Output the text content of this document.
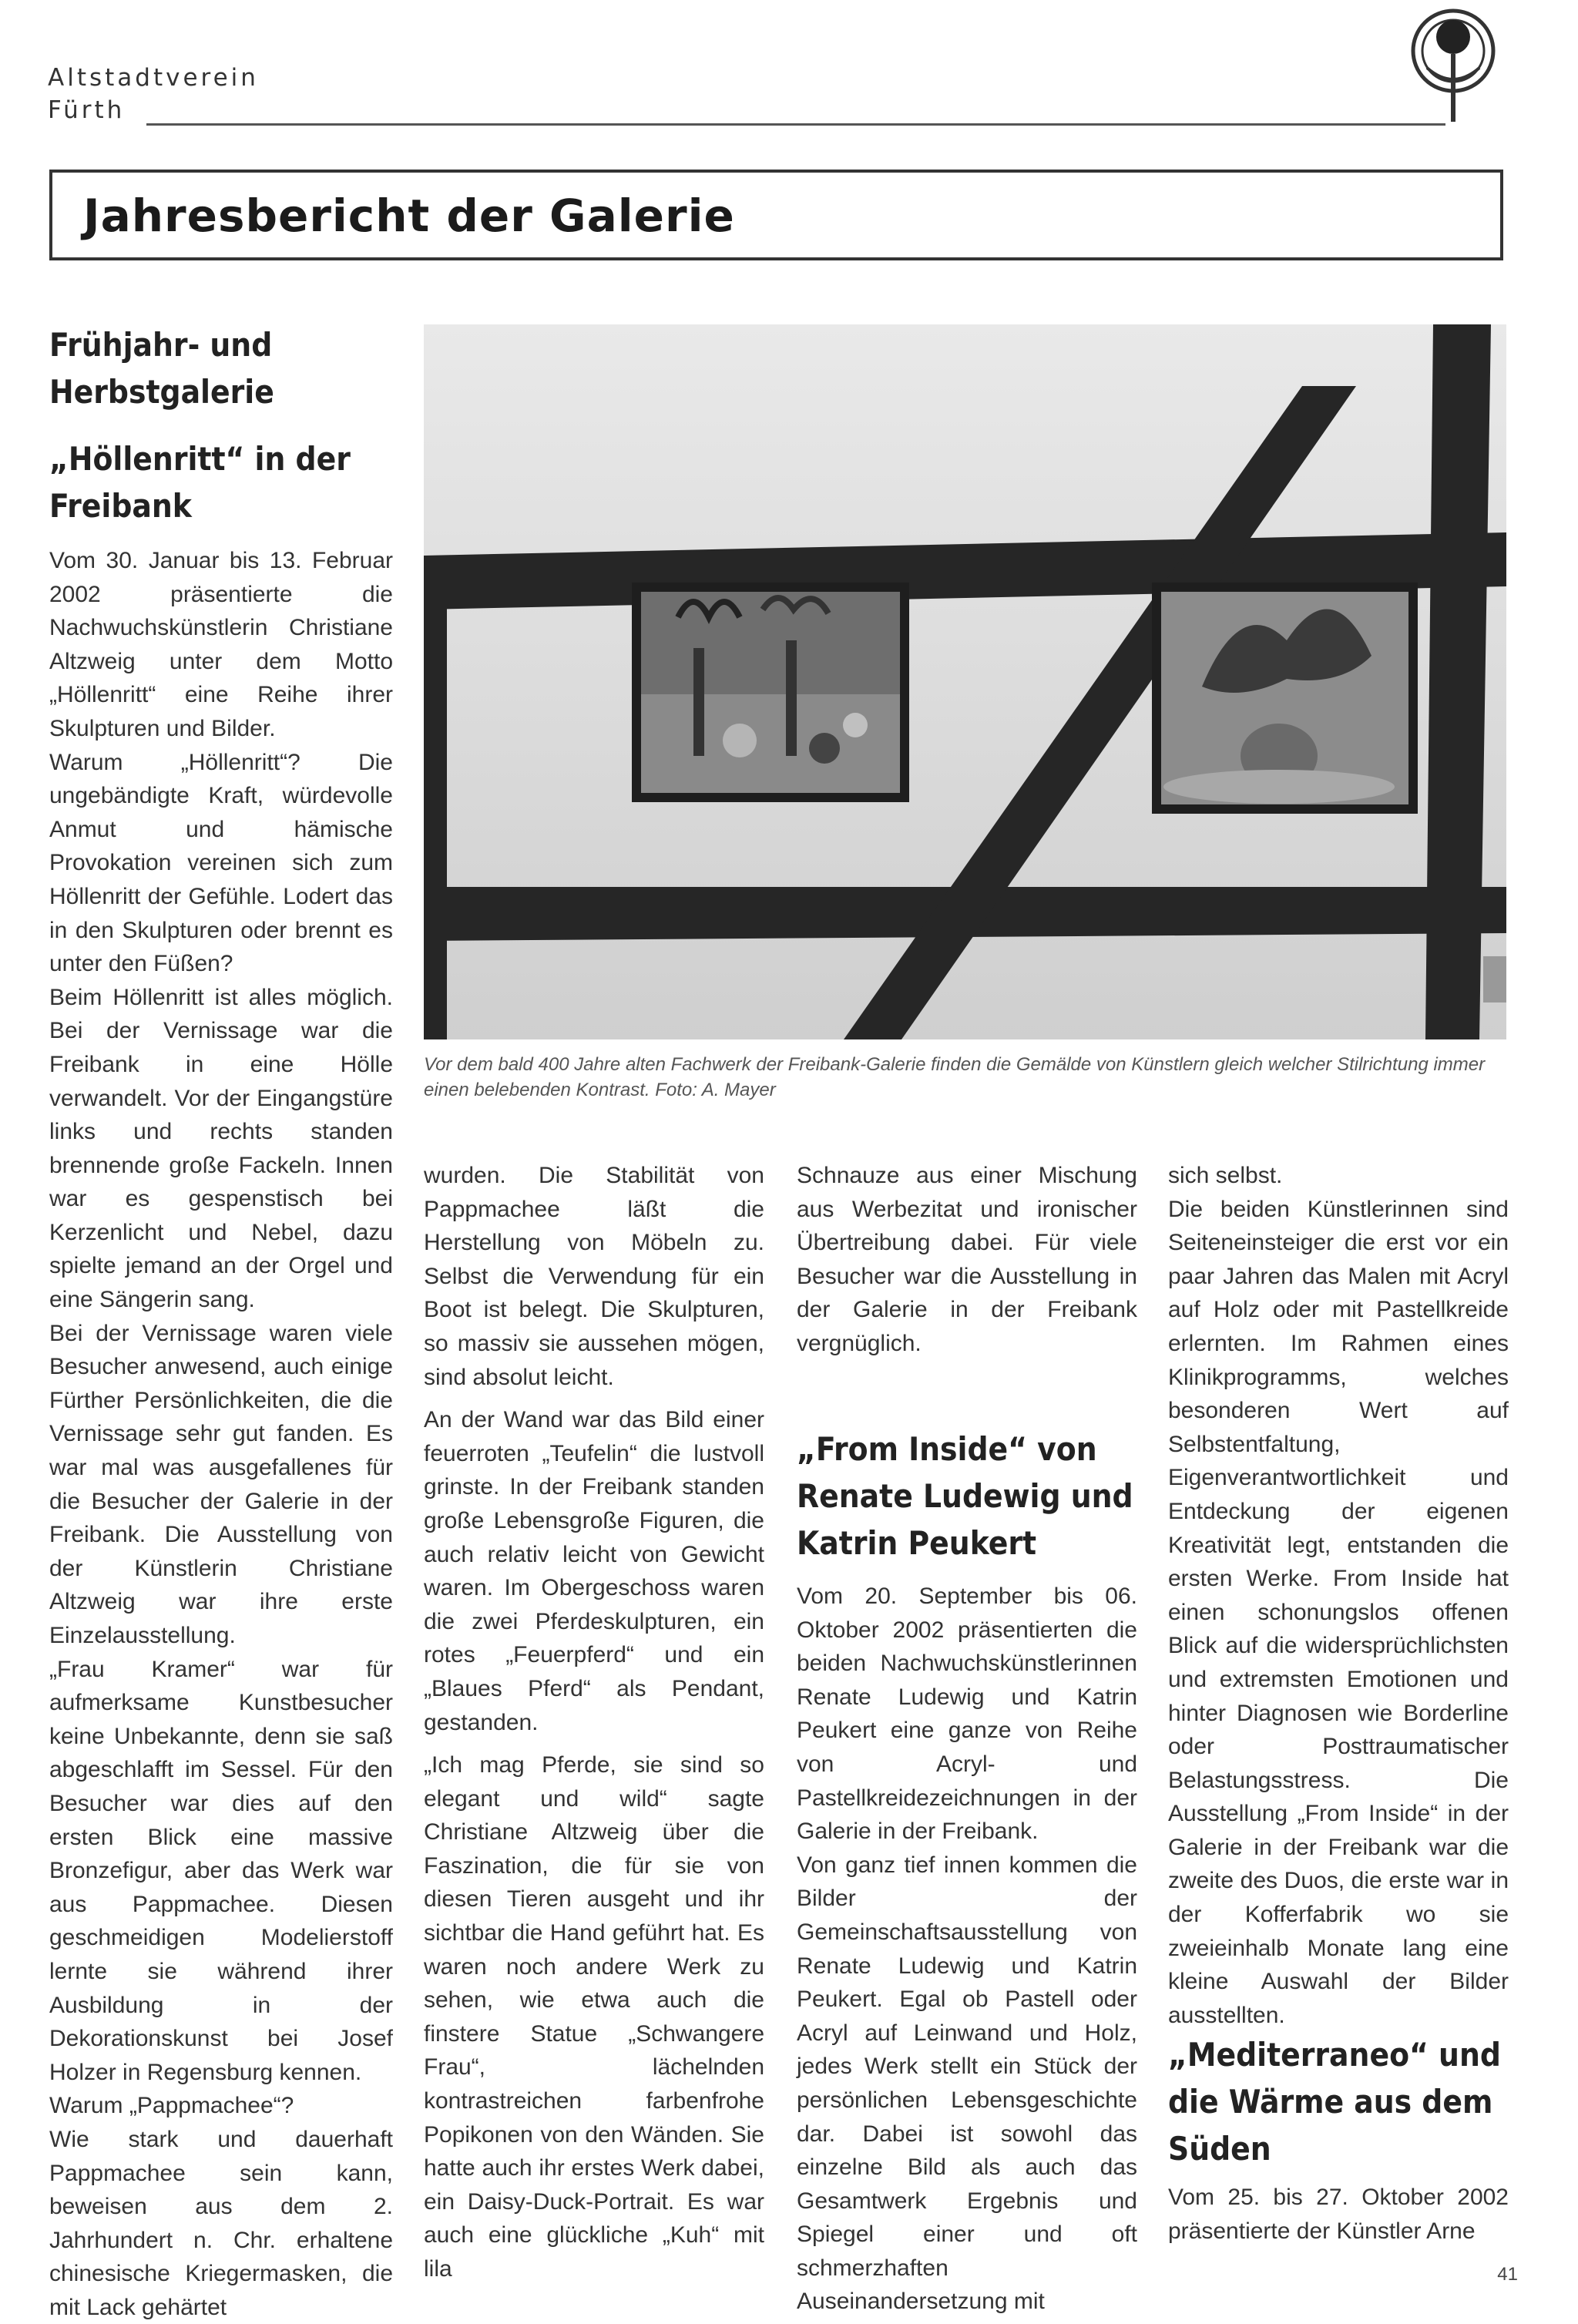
Altstadtverein
Fürth
Jahresbericht der Galerie
Frühjahr- und Herbstgalerie
„Höllenritt“ in der Freibank

Vom 30. Januar bis 13. Februar 2002 präsentierte die Nachwuchskünstlerin Christiane Altzweig unter dem Motto „Höllenritt“ eine Reihe ihrer Skulpturen und Bilder.

Warum „Höllenritt“? Die ungebändigte Kraft, würdevolle Anmut und hämische Provokation vereinen sich zum Höllenritt der Gefühle. Lodert das in den Skulpturen oder brennt es unter den Füßen?

Beim Höllenritt ist alles möglich. Bei der Vernissage war die Freibank in eine Hölle verwandelt. Vor der Eingangstüre links und rechts standen brennende große Fackeln. Innen war es gespenstisch bei Kerzenlicht und Nebel, dazu spielte jemand an der Orgel und eine Sängerin sang.

Bei der Vernissage waren viele Besucher anwesend, auch einige Fürther Persönlichkeiten, die die Vernissage sehr gut fanden. Es war mal was ausgefallenes für die Besucher der Galerie in der Freibank. Die Ausstellung von der Künstlerin Christiane Altzweig war ihre erste Einzelausstellung.

„Frau Kramer“ war für aufmerksame Kunstbesucher keine Unbekannte, denn sie saß abgeschlafft im Sessel. Für den Besucher war dies auf den ersten Blick eine massive Bronzefigur, aber das Werk war aus Pappmachee. Diesen geschmeidigen Modelierstoff lernte sie während ihrer Ausbildung in der Dekorationskunst bei Josef Holzer in Regensburg kennen.

Warum „Pappmachee“?

Wie stark und dauerhaft Pappmachee sein kann, beweisen aus dem 2. Jahrhundert n. Chr. erhaltene chinesische Kriegermasken, die mit Lack gehärtet

Vor dem bald 400 Jahre alten Fachwerk der Freibank-Galerie finden die Gemälde von Künstlern gleich welcher Stilrichtung immer einen belebenden Kontrast. Foto: A. Mayer

wurden. Die Stabilität von Pappmachee läßt die Herstellung von Möbeln zu. Selbst die Verwendung für ein Boot ist belegt. Die Skulpturen, so massiv sie aussehen mögen, sind absolut leicht.

An der Wand war das Bild einer feuerroten „Teufelin“ die lustvoll grinste. In der Freibank standen große Lebensgroße Figuren, die auch relativ leicht von Gewicht waren. Im Obergeschoss waren die zwei Pferdeskulpturen, ein rotes „Feuerpferd“ und ein „Blaues Pferd“ als Pendant, gestanden.

„Ich mag Pferde, sie sind so elegant und wild“ sagte Christiane Altzweig über die Faszination, die für sie von diesen Tieren ausgeht und ihr sichtbar die Hand geführt hat. Es waren noch andere Werk zu sehen, wie etwa auch die finstere Statue „Schwangere Frau“, lächelnden kontrastreichen farbenfrohe Popikonen von den Wänden. Sie hatte auch ihr erstes Werk dabei, ein Daisy-Duck-Portrait. Es war auch eine glückliche „Kuh“ mit lila

Schnauze aus einer Mischung aus Werbezitat und ironischer Übertreibung dabei. Für viele Besucher war die Ausstellung in der Galerie in der Freibank vergnüglich.
„From Inside“ von Renate Ludewig und Katrin Peukert

Vom 20. September bis 06. Oktober 2002 präsentierten die beiden Nachwuchskünstlerinnen Renate Ludewig und Katrin Peukert eine ganze von Reihe von Acryl- und Pastellkreidezeichnungen in der Galerie in der Freibank.

Von ganz tief innen kommen die Bilder der Gemeinschaftsausstellung von Renate Ludewig und Katrin Peukert. Egal ob Pastell oder Acryl auf Leinwand und Holz, jedes Werk stellt ein Stück der persönlichen Lebensgeschichte dar. Dabei ist sowohl das einzelne Bild als auch das Gesamtwerk Ergebnis und Spiegel einer und oft schmerzhaften Auseinandersetzung mit

sich selbst.

Die beiden Künstlerinnen sind Seiteneinsteiger die erst vor ein paar Jahren das Malen mit Acryl auf Holz oder mit Pastellkreide erlernten. Im Rahmen eines Klinikprogramms, welches besonderen Wert auf Selbstentfaltung, Eigenverantwortlichkeit und Entdeckung der eigenen Kreativität legt, entstanden die ersten Werke. From Inside hat einen schonungslos offenen Blick auf die widersprüchlichsten und extremsten Emotionen und hinter Diagnosen wie Borderline oder Posttraumatischer Belastungsstress. Die Ausstellung „From Inside“ in der Galerie in der Freibank war die zweite des Duos, die erste war in der Kofferfabrik wo sie zweieinhalb Monate lang eine kleine Auswahl der Bilder ausstellten.

„Mediterraneo“ und die Wärme aus dem Süden
Vom 25. bis 27. Oktober 2002 präsentierte der Künstler Arne
41
